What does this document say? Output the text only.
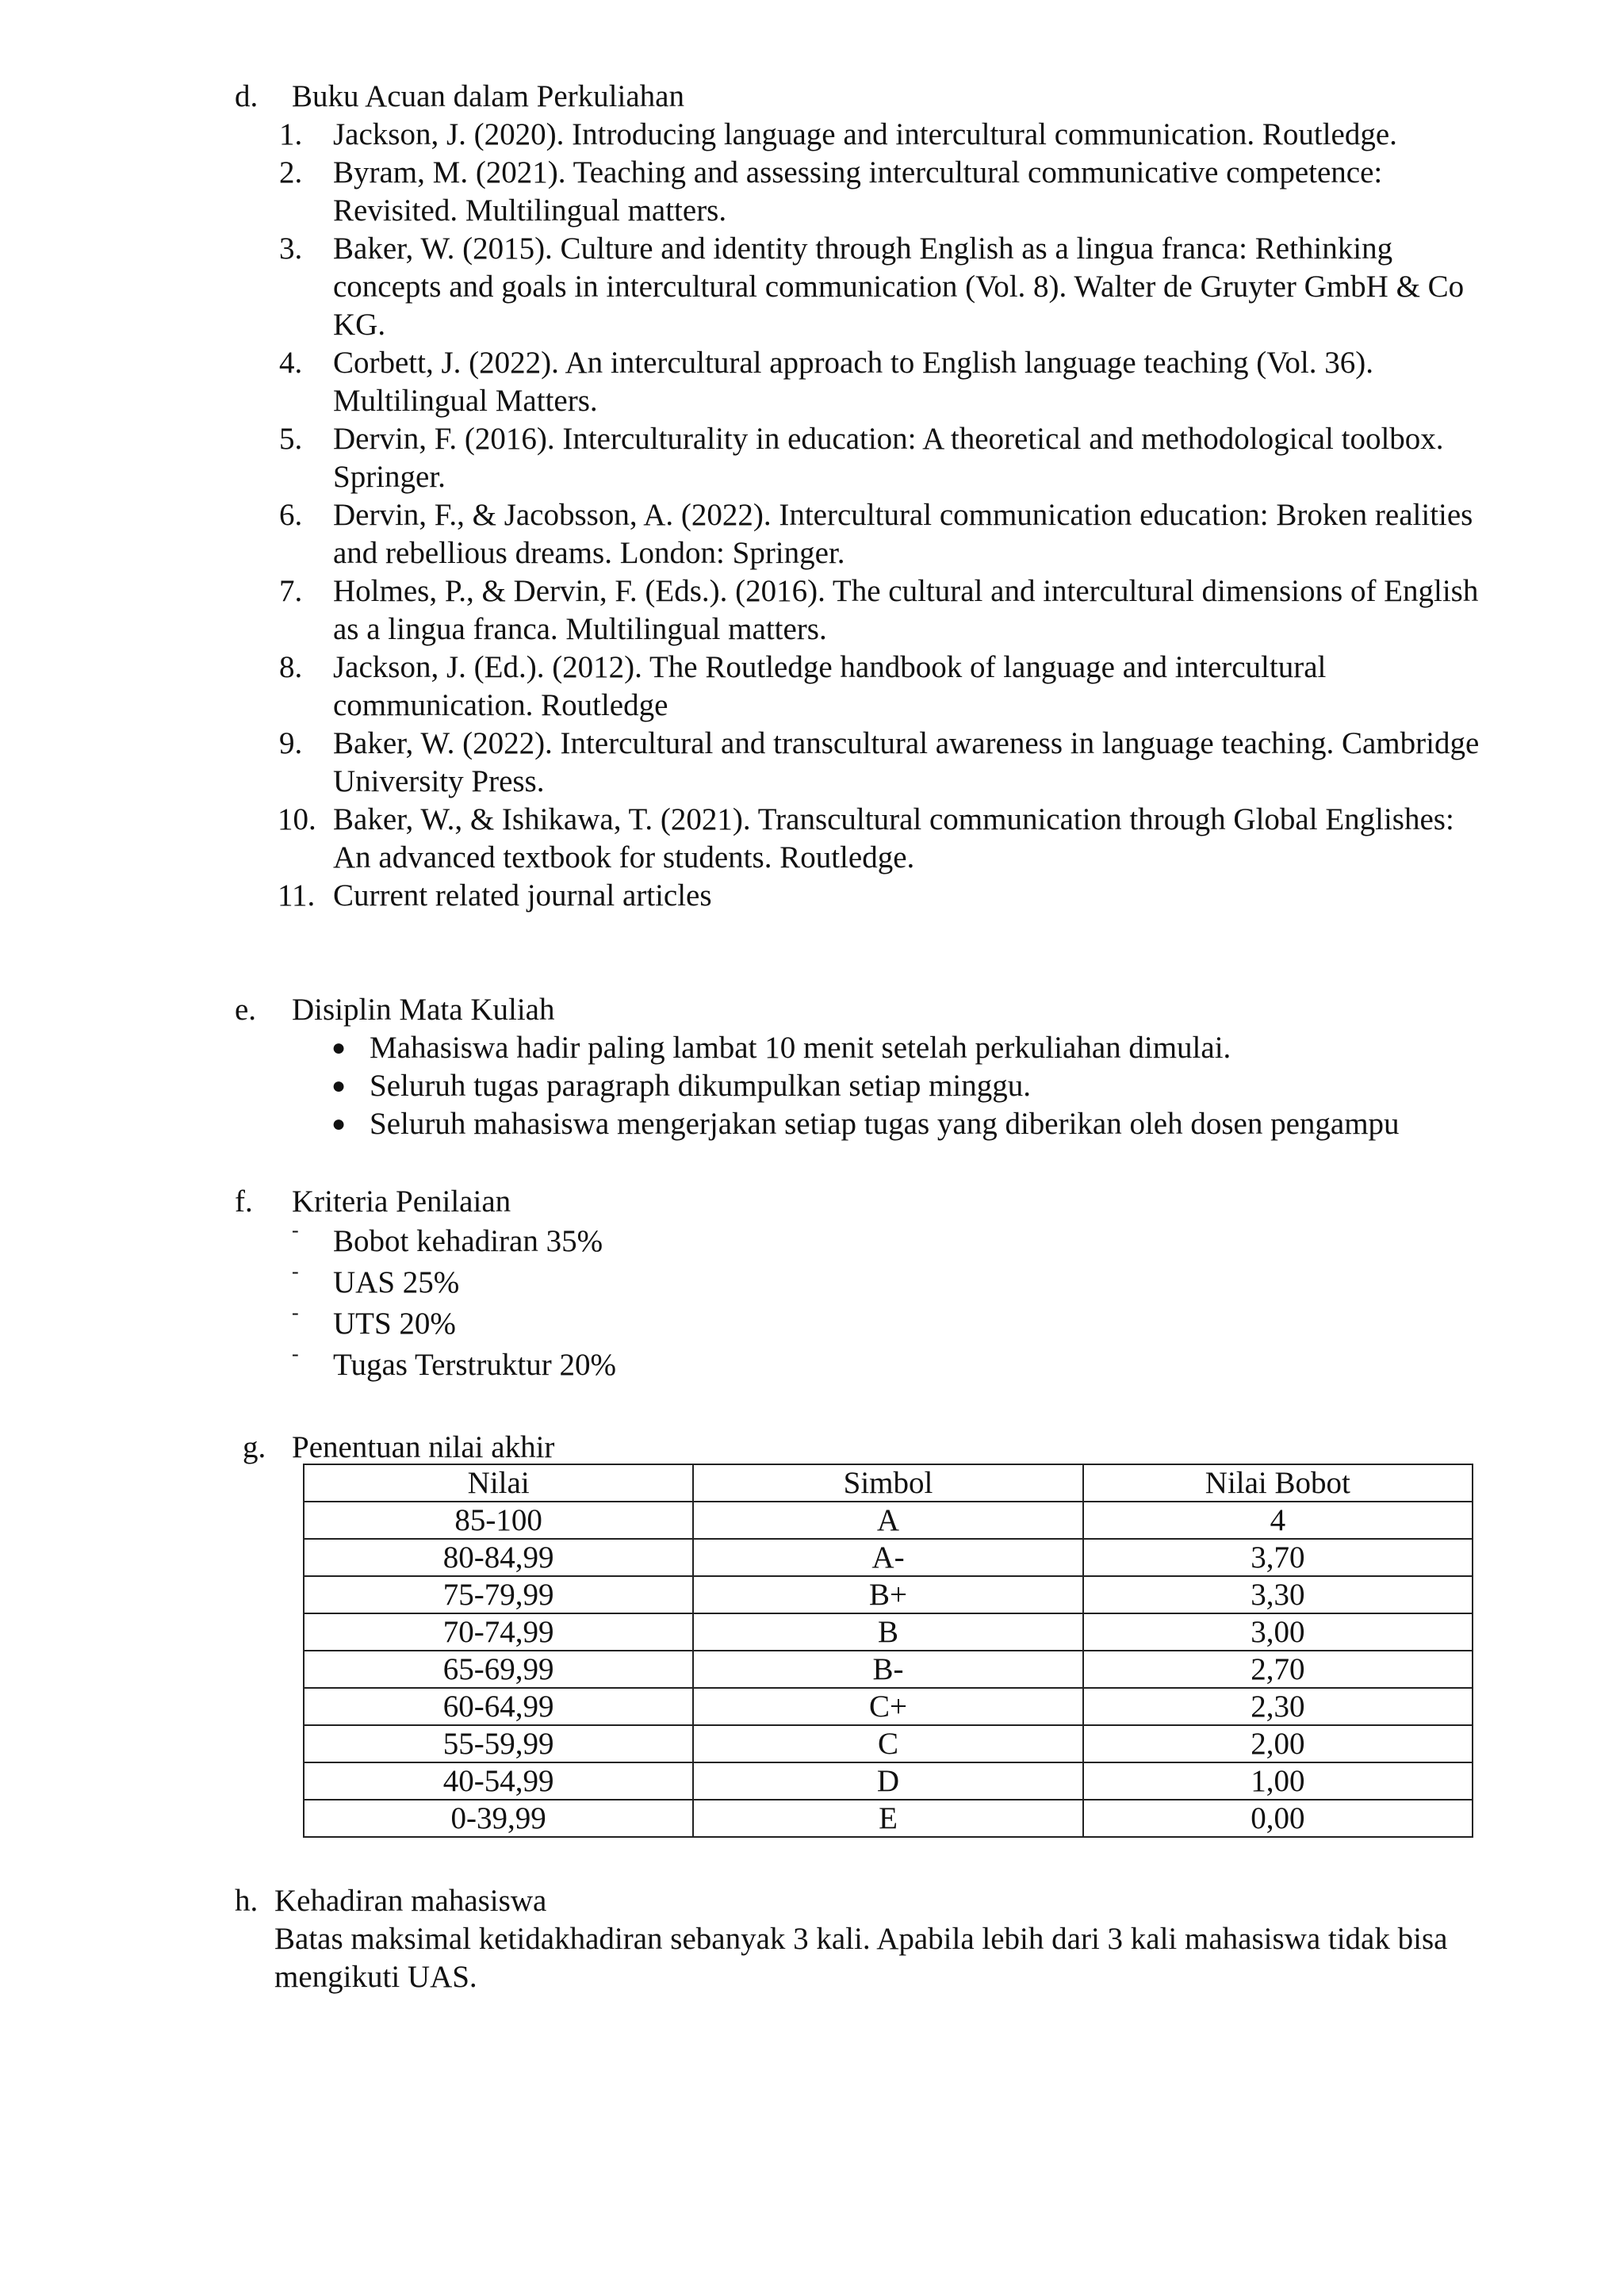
d. Buku Acuan dalam Perkuliahan
1. Jackson, J. (2020). Introducing language and intercultural communication. Routledge.
2. Byram, M. (2021). Teaching and assessing intercultural communicative competence: Revisited. Multilingual matters.
3. Baker, W. (2015). Culture and identity through English as a lingua franca: Rethinking concepts and goals in intercultural communication (Vol. 8). Walter de Gruyter GmbH & Co KG.
4. Corbett, J. (2022). An intercultural approach to English language teaching (Vol. 36). Multilingual Matters.
5. Dervin, F. (2016). Interculturality in education: A theoretical and methodological toolbox. Springer.
6. Dervin, F., & Jacobsson, A. (2022). Intercultural communication education: Broken realities and rebellious dreams. London: Springer.
7. Holmes, P., & Dervin, F. (Eds.). (2016). The cultural and intercultural dimensions of English as a lingua franca. Multilingual matters.
8. Jackson, J. (Ed.). (2012). The Routledge handbook of language and intercultural communication. Routledge
9. Baker, W. (2022). Intercultural and transcultural awareness in language teaching. Cambridge University Press.
10. Baker, W., & Ishikawa, T. (2021). Transcultural communication through Global Englishes: An advanced textbook for students. Routledge.
11. Current related journal articles
e. Disiplin Mata Kuliah
● Mahasiswa hadir paling lambat 10 menit setelah perkuliahan dimulai.
● Seluruh tugas paragraph dikumpulkan setiap minggu.
● Seluruh mahasiswa mengerjakan setiap tugas yang diberikan oleh dosen pengampu
f. Kriteria Penilaian
- Bobot kehadiran 35%
- UAS 25%
- UTS 20%
- Tugas Terstruktur 20%
g. Penentuan nilai akhir
Nilai	Simbol	Nilai Bobot
85-100	A	4
80-84,99	A-	3,70
75-79,99	B+	3,30
70-74,99	B	3,00
65-69,99	B-	2,70
60-64,99	C+	2,30
55-59,99	C	2,00
40-54,99	D	1,00
0-39,99	E	0,00
h. Kehadiran mahasiswa
Batas maksimal ketidakhadiran sebanyak 3 kali. Apabila lebih dari 3 kali mahasiswa tidak bisa mengikuti UAS.
